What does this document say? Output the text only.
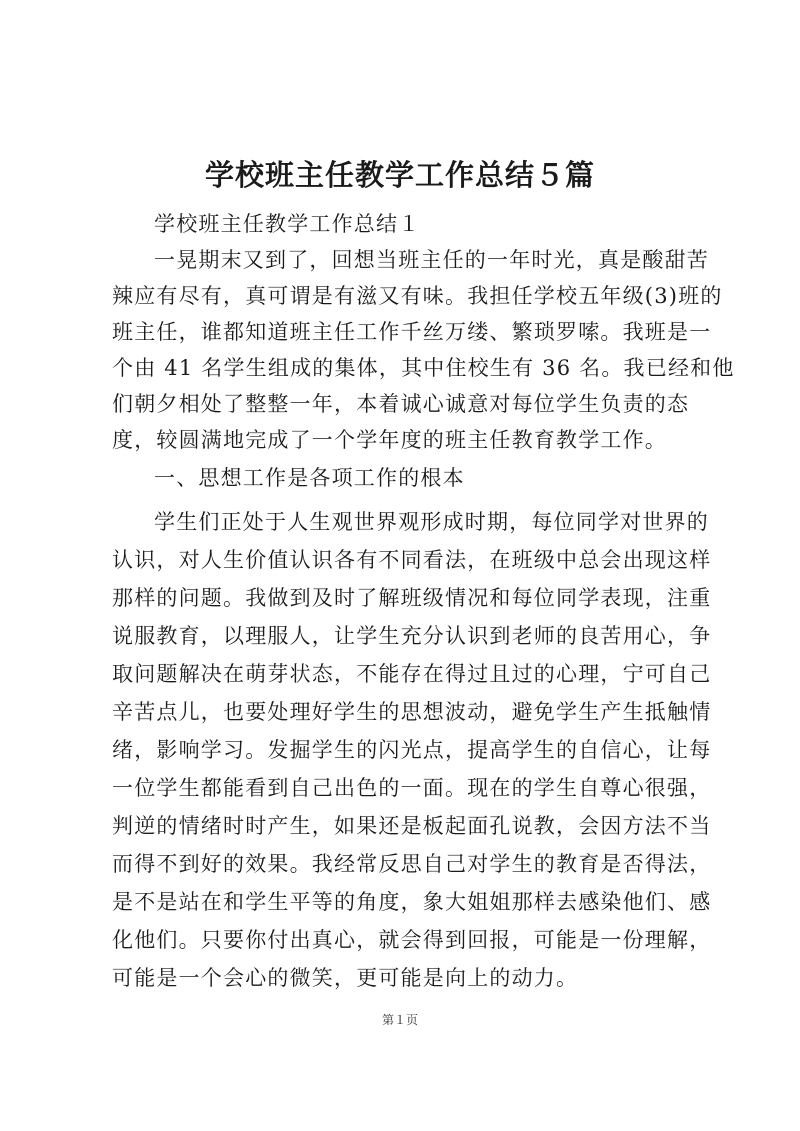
学校班主任教学工作总结５篇
学校班主任教学工作总结１
一晃期末又到了，回想当班主任的一年时光，真是酸甜苦
辣应有尽有，真可谓是有滋又有味。我担任学校五年级(3)班的
班主任，谁都知道班主任工作千丝万缕、繁琐罗嗦。我班是一
个由 41 名学生组成的集体，其中住校生有 36 名。我已经和他
们朝夕相处了整整一年，本着诚心诚意对每位学生负责的态
度，较圆满地完成了一个学年度的班主任教育教学工作。
一、思想工作是各项工作的根本
学生们正处于人生观世界观形成时期，每位同学对世界的
认识，对人生价值认识各有不同看法，在班级中总会出现这样
那样的问题。我做到及时了解班级情况和每位同学表现，注重
说服教育，以理服人，让学生充分认识到老师的良苦用心，争
取问题解决在萌芽状态，不能存在得过且过的心理，宁可自己
辛苦点儿，也要处理好学生的思想波动，避免学生产生抵触情
绪，影响学习。发掘学生的闪光点，提高学生的自信心，让每
一位学生都能看到自己出色的一面。现在的学生自尊心很强，
判逆的情绪时时产生，如果还是板起面孔说教，会因方法不当
而得不到好的效果。我经常反思自己对学生的教育是否得法，
是不是站在和学生平等的角度，象大姐姐那样去感染他们、感
化他们。只要你付出真心，就会得到回报，可能是一份理解，
可能是一个会心的微笑，更可能是向上的动力。
第１页
